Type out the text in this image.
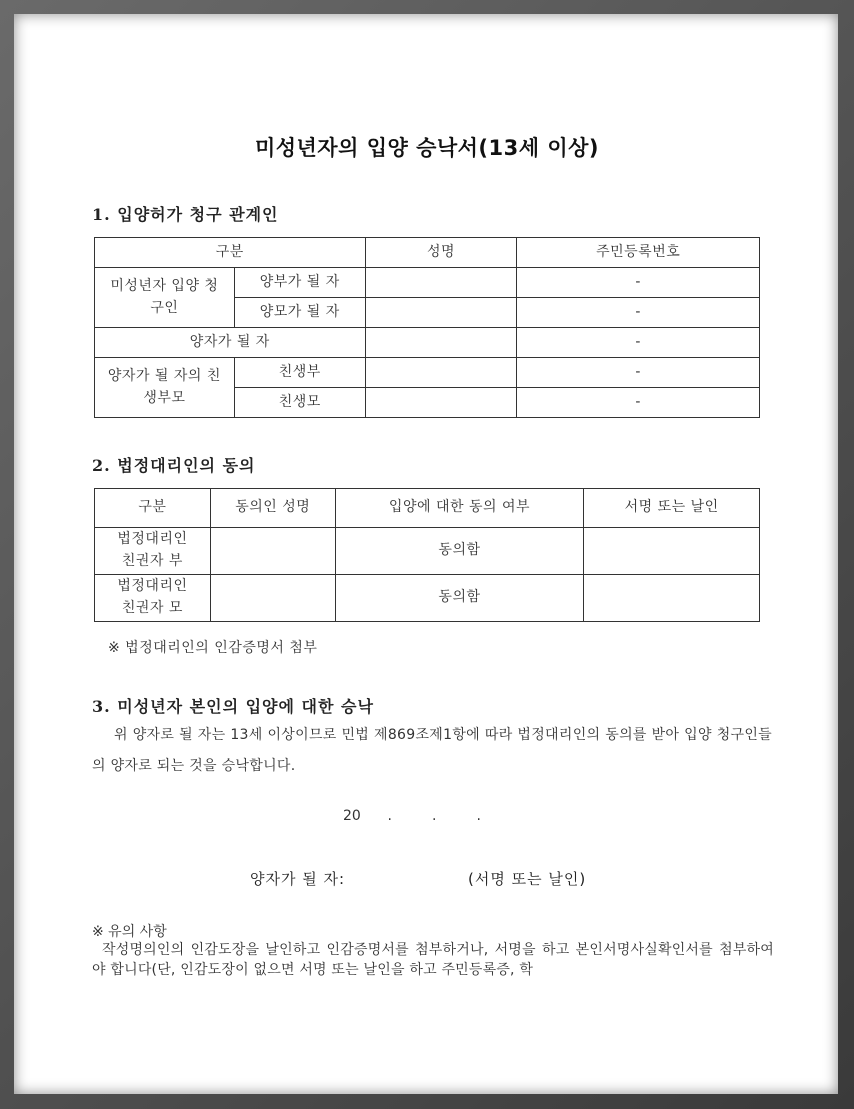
미성년자의 입양 승낙서(13세 이상)
1. 입양허가 청구 관계인
구분		성명	주민등록번호
미성년자 입양 청구인	양부가 될 자		-
	양모가 될 자		-
양자가 될 자			-
양자가 될 자의 친생부모	친생부		-
	친생모		-
2. 법정대리인의 동의
구분	동의인 성명	입양에 대한 동의 여부	서명 또는 날인
법정대리인 친권자 부		동의함	
법정대리인 친권자 모		동의함	
※ 법정대리인의 인감증명서 첨부
3. 미성년자 본인의 입양에 대한 승낙
위 양자로 될 자는 13세 이상이므로 민법 제869조제1항에 따라 법정대리인의 동의를 받아 입양 청구인들의 양자로 되는 것을 승낙합니다.
20      .         .         .
양자가 될 자:	(서명 또는 날인)
※ 유의 사항
작성명의인의 인감도장을 날인하고 인감증명서를 첨부하거나, 서명을 하고 본인서명사실확인서를 첨부하여야 합니다(단, 인감도장이 없으면 서명 또는 날인을 하고 주민등록증, 학
